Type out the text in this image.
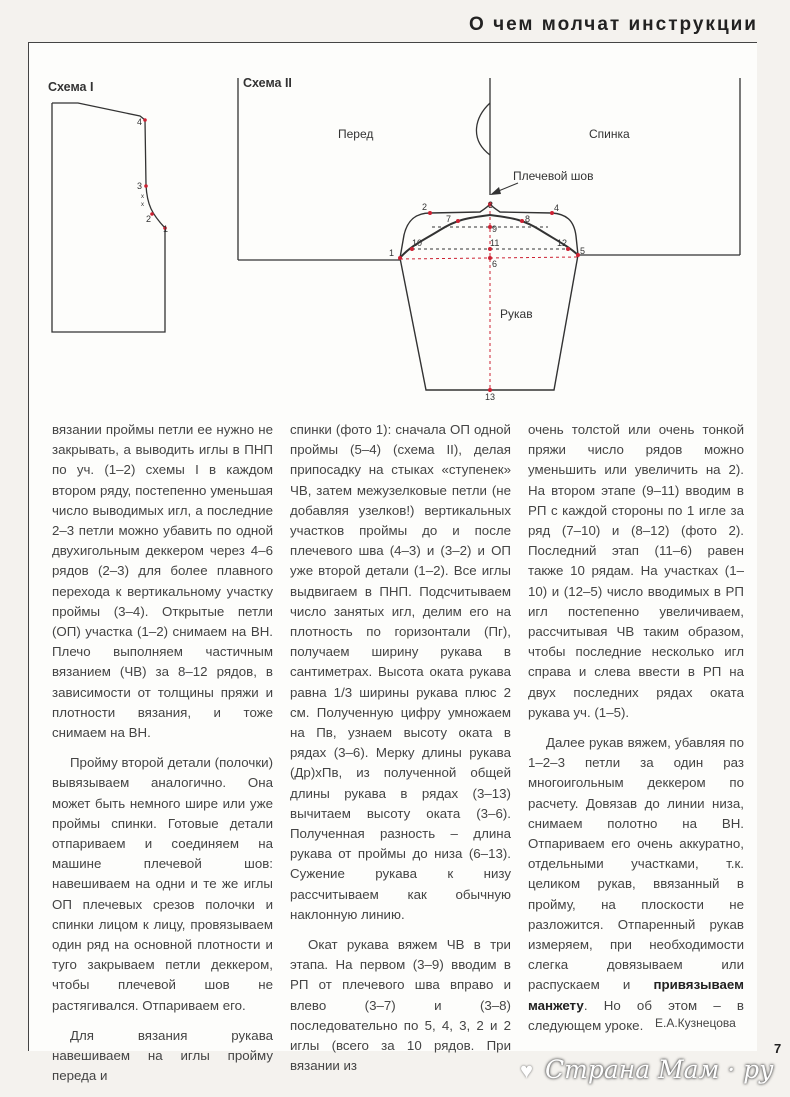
О чем молчат инструкции
Схема I
4
3
x
x
2
1
Схема II
Перед	Спинка
Плечевой шов
1
2	3	4
5
6
7	8
9
10	11	12
13
Рукав

вязании проймы петли ее нужно не закрывать, а выводить иглы в ПНП по уч. (1–2) схемы I в каждом втором ряду, постепенно уменьшая число выводимых игл, а последние 2–3 петли можно убавить по одной двухигольным деккером через 4–6 рядов (2–3) для более плавного перехода к вертикальному участку проймы (3–4). Открытые петли (ОП) участка (1–2) снимаем на ВН. Плечо выполняем частичным вязанием (ЧВ) за 8–12 рядов, в зависимости от толщины пряжи и плотности вязания, и тоже снимаем на ВН.

Пройму второй детали (полочки) вывязываем аналогично. Она может быть немного шире или уже проймы спинки. Готовые детали отпариваем и соединяем на машине плечевой шов: навешиваем на одни и те же иглы ОП плечевых срезов полочки и спинки лицом к лицу, провязываем один ряд на основной плотности и туго закрываем петли деккером, чтобы плечевой шов не растягивался. Отпариваем его.

Для вязания рукава навешиваем на иглы пройму переда и

спинки (фото 1): сначала ОП одной проймы (5–4) (схема II), делая припосадку на стыках «ступенек» ЧВ, затем межузелковые петли (не добавляя узелков!) вертикальных участков проймы до и после плечевого шва (4–3) и (3–2) и ОП уже второй детали (1–2). Все иглы выдвигаем в ПНП. Подсчитываем число занятых игл, делим его на плотность по горизонтали (Пг), получаем ширину рукава в сантиметрах. Высота оката рукава равна 1/3 ширины рукава плюс 2 см. Полученную цифру умножаем на Пв, узнаем высоту оката в рядах (3–6). Мерку длины рукава (Др)хПв, из полученной общей длины рукава в рядах (3–13) вычитаем высоту оката (3–6). Полученная разность – длина рукава от проймы до низа (6–13). Сужение рукава к низу рассчитываем как обычную наклонную линию.

Окат рукава вяжем ЧВ в три этапа. На первом (3–9) вводим в РП от плечевого шва вправо и влево (3–7) и (3–8) последовательно по 5, 4, 3, 2 и 2 иглы (всего за 10 рядов. При вязании из

очень толстой или очень тонкой пряжи число рядов можно уменьшить или увеличить на 2). На втором этапе (9–11) вводим в РП с каждой стороны по 1 игле за ряд (7–10) и (8–12) (фото 2). Последний этап (11–6) равен также 10 рядам. На участках (1–10) и (12–5) число вводимых в РП игл постепенно увеличиваем, рассчитывая ЧВ таким образом, чтобы последние несколько игл справа и слева ввести в РП на двух последних рядах оката рукава уч. (1–5).

Далее рукав вяжем, убавляя по 1–2–3 петли за один раз многоигольным деккером по расчету. Довязав до линии низа, снимаем полотно на ВН. Отпариваем его очень аккуратно, отдельными участками, т.к. целиком рукав, ввязанный в пройму, на плоскости не разложится. Отпаренный рукав измеряем, при необходимости слегка довязываем или распускаем и привязываем манжету. Но об этом – в следующем уроке. Е.А.Кузнецова
7
♥ Страна Мам · ру
